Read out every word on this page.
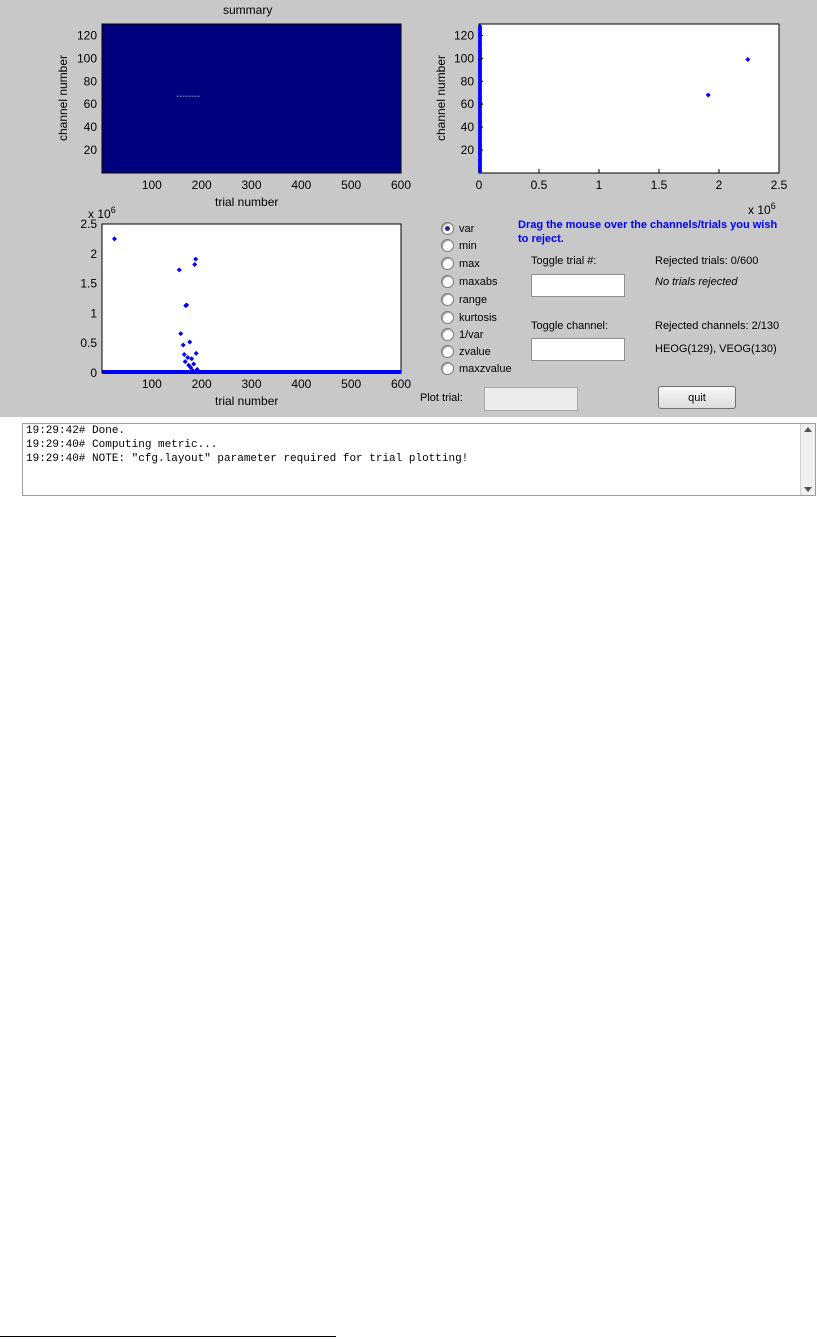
summary
100 200 300 400 500 600
20
40
60
80
100
120
channel number
trial number
0	0.5	1	1.5	2	2.5
20
40
60
80
100
120
channel number
x $10^6$
100 200 300 400 500 600
0
0.5
1
1.5
2
2.5
x $10^6$
trial number
var
min
max
maxabs
range
kurtosis
1/var
zvalue
maxzvalue
Drag the mouse over the channels/trials you wish
to reject.
Toggle trial #:	Rejected trials: 0/600
No trials rejected
Toggle channel:	Rejected channels: 2/130
HEOG(129), VEOG(130)
Plot trial:	quit
19:29:42# Done.
19:29:40# Computing metric...
19:29:40# NOTE: "cfg.layout" parameter required for trial plotting!
